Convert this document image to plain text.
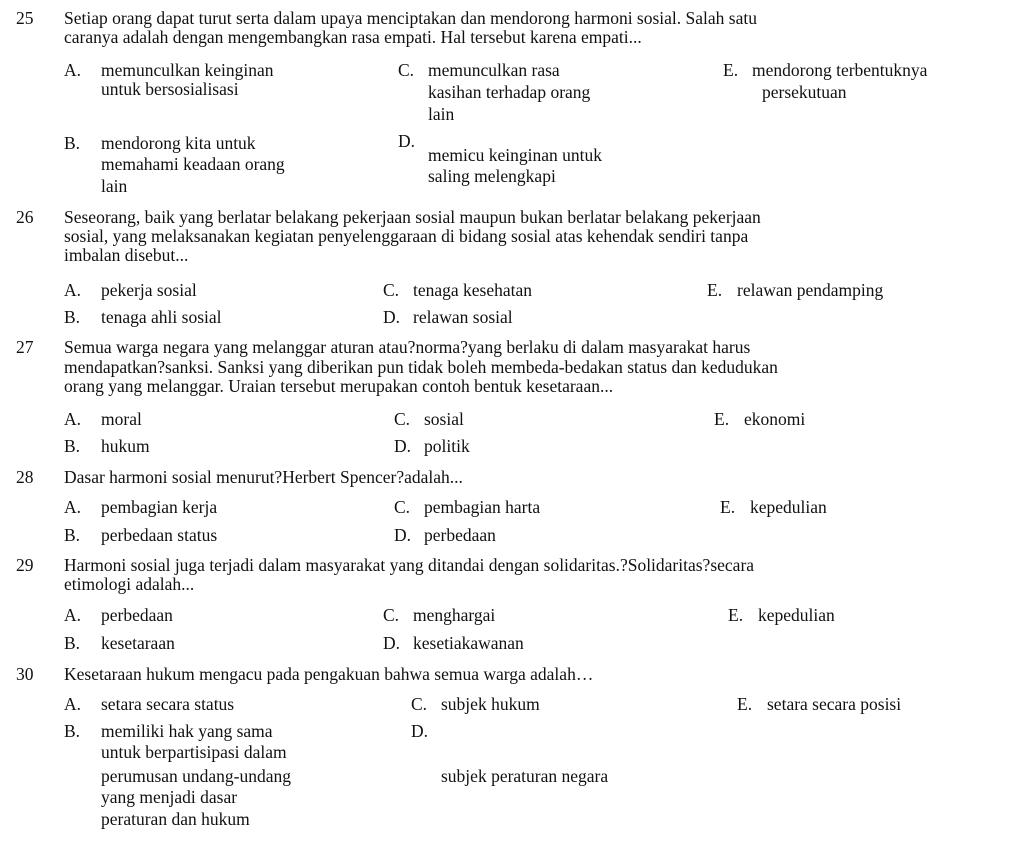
25 Setiap orang dapat turut serta dalam upaya menciptakan dan mendorong harmoni sosial. Salah satu
caranya adalah dengan mengembangkan rasa empati. Hal tersebut karena empati...
A. memunculkan keinginan
untuk bersosialisasi
C. memunculkan rasa
kasihan terhadap orang
lain
E. mendorong terbentuknya
persekutuan
B. mendorong kita untuk
memahami keadaan orang
lain
D.
memicu keinginan untuk
saling melengkapi
26 Seseorang, baik yang berlatar belakang pekerjaan sosial maupun bukan berlatar belakang pekerjaan
sosial, yang melaksanakan kegiatan penyelenggaraan di bidang sosial atas kehendak sendiri tanpa
imbalan disebut...
A. pekerja sosial	C. tenaga kesehatan	E. relawan pendamping
B. tenaga ahli sosial	D. relawan sosial
27 Semua warga negara yang melanggar aturan atau?norma?yang berlaku di dalam masyarakat harus
mendapatkan?sanksi. Sanksi yang diberikan pun tidak boleh membeda-bedakan status dan kedudukan
orang yang melanggar. Uraian tersebut merupakan contoh bentuk kesetaraan...
A. moral	C. sosial	E. ekonomi
B. hukum	D. politik
28 Dasar harmoni sosial menurut?Herbert Spencer?adalah...
A. pembagian kerja	C. pembagian harta	E. kepedulian
B. perbedaan status	D. perbedaan
29 Harmoni sosial juga terjadi dalam masyarakat yang ditandai dengan solidaritas.?Solidaritas?secara
etimologi adalah...
A. perbedaan	C. menghargai	E. kepedulian
B. kesetaraan	D. kesetiakawanan
30 Kesetaraan hukum mengacu pada pengakuan bahwa semua warga adalah…
A. setara secara status	C. subjek hukum	E. setara secara posisi
B. memiliki hak yang sama
untuk berpartisipasi dalam
perumusan undang-undang
yang menjadi dasar
peraturan dan hukum
D.
subjek peraturan negara
